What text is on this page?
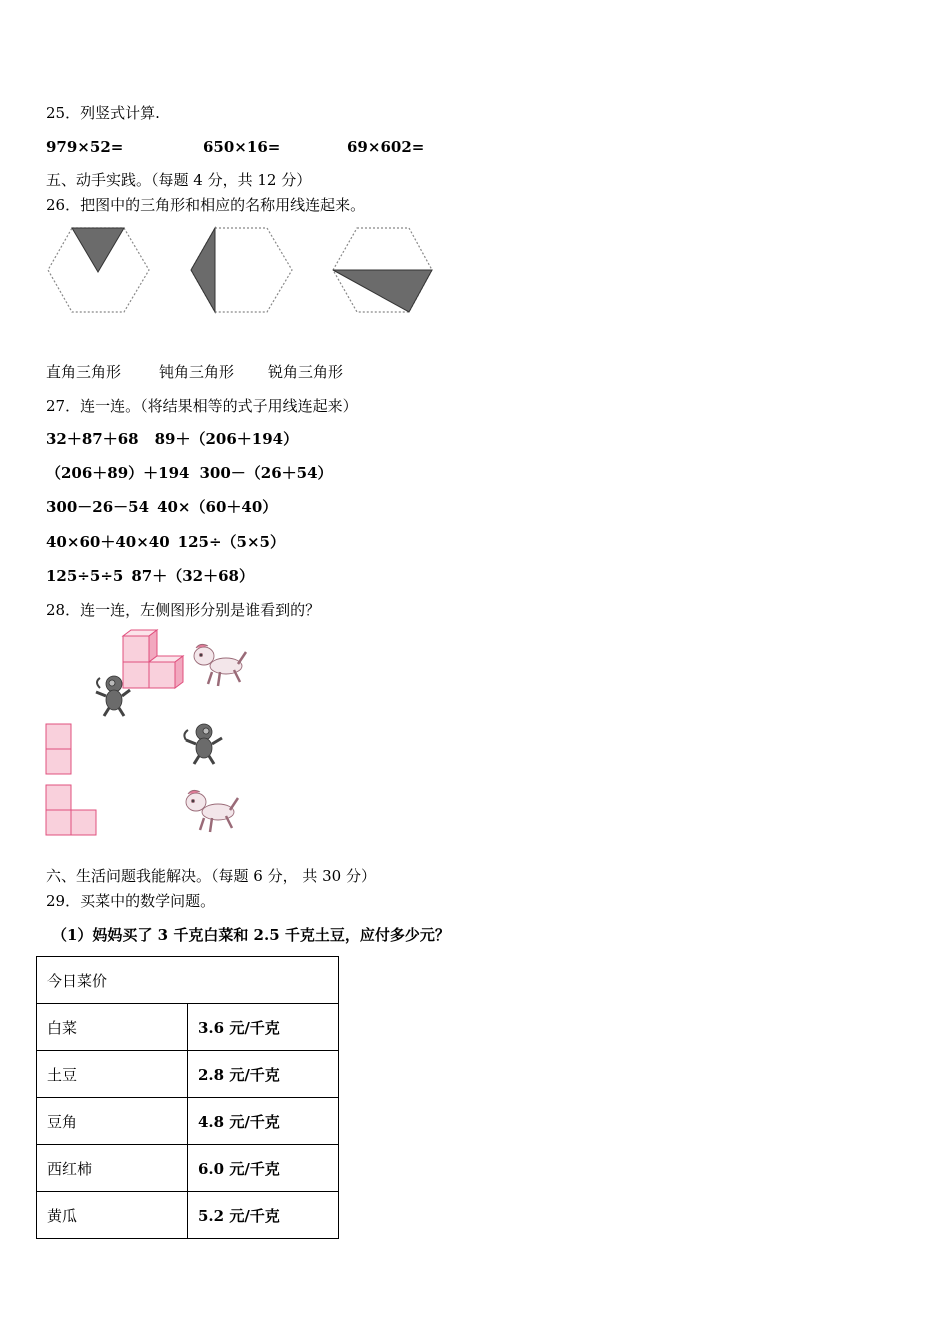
25．列竖式计算.
979×52=	650×16=	69×602=
五、动手实践。（每题 4 分，共 12 分）
26．把图中的三角形和相应的名称用线连起来。
直角三角形	钝角三角形 锐角三角形
27．连一连。（将结果相等的式子用线连起来）
32＋87＋68 89＋（206＋194）
（206＋89）＋194 300－（26＋54）
300－26－54 40×（60＋40）
40×60＋40×40 125÷（5×5）
125÷5÷5 87＋（32＋68）
28．连一连，左侧图形分别是谁看到的？
六、生活问题我能解决。（每题 6 分， 共 30 分）
29．买菜中的数学问题。
（1）妈妈买了 3 千克白菜和 2.5 千克土豆，应付多少元？
今日菜价	
白菜	3.6 元/千克
土豆	2.8 元/千克
豆角	4.8 元/千克
西红柿	6.0 元/千克
黄瓜	5.2 元/千克
